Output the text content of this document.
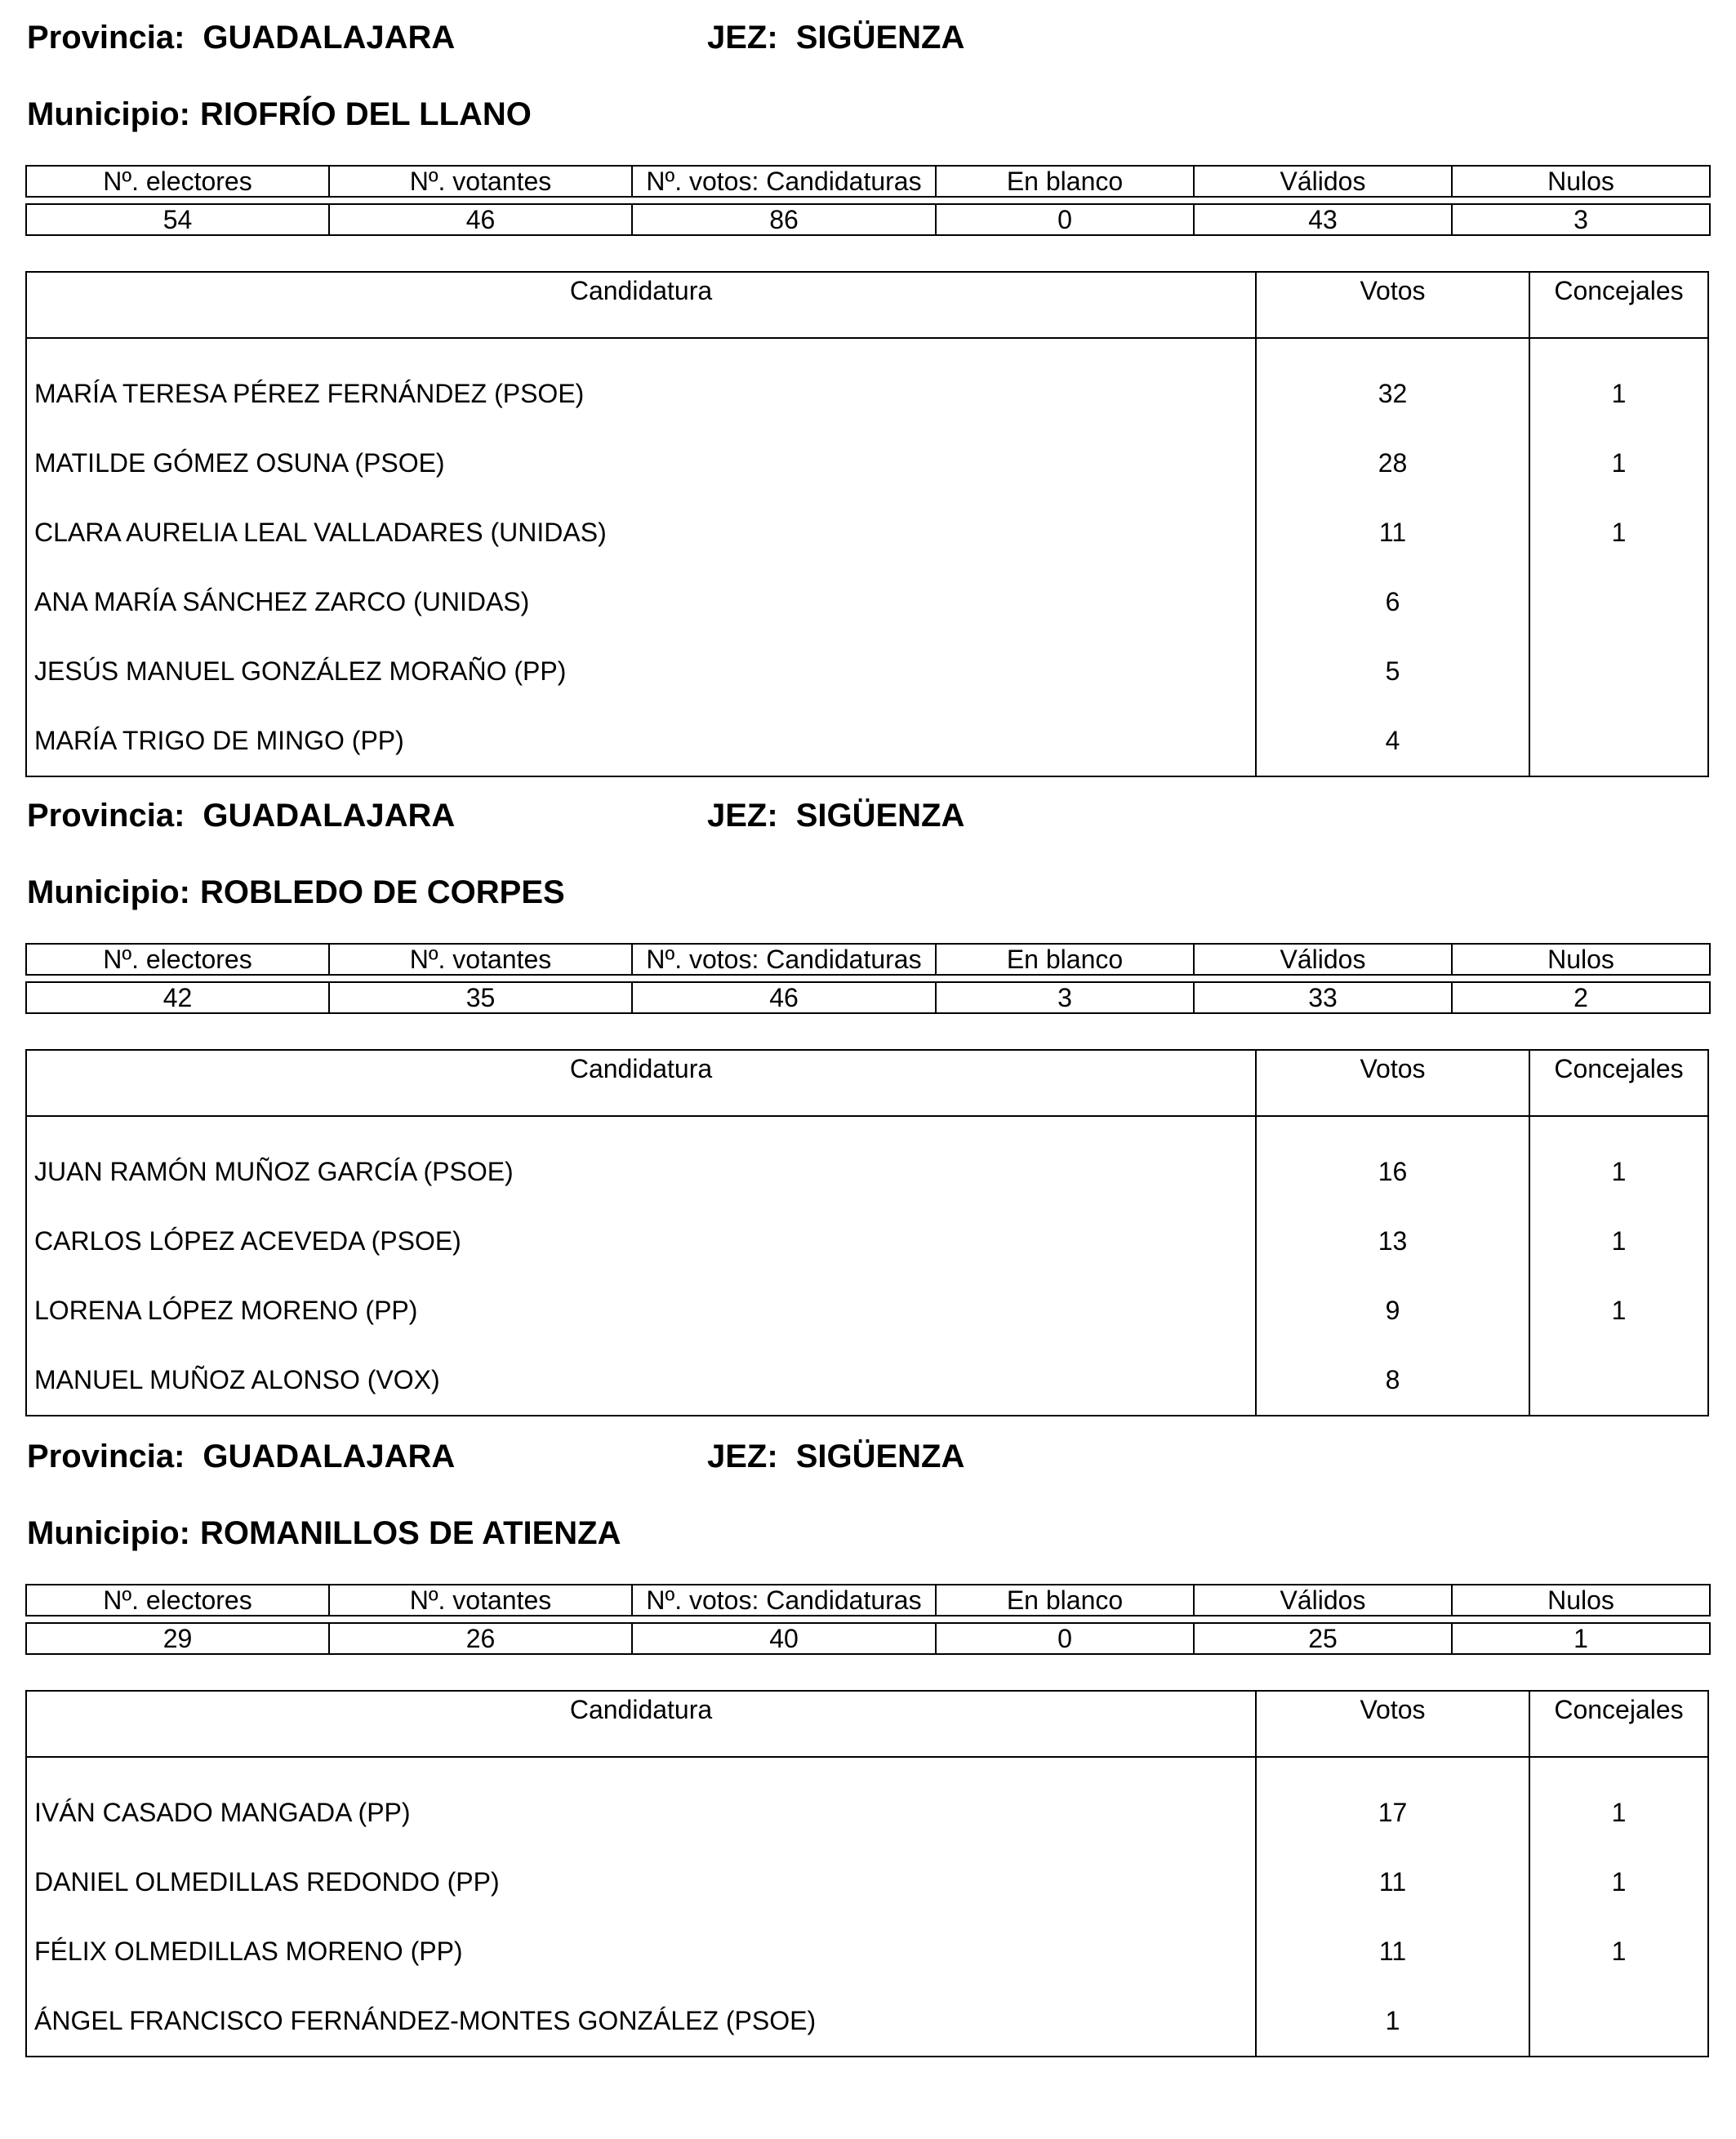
Provincia: GUADALAJARA	JEZ: SIGÜENZA
Municipio: RIOFRÍO DEL LLANO
Nº. electores	Nº. votantes	Nº. votos: Candidaturas	En blanco	Válidos	Nulos

54	46	86	0	43	3
Candidatura	Votos	Concejales
MARÍA TERESA PÉREZ FERNÁNDEZ (PSOE)	32	1
MATILDE GÓMEZ OSUNA (PSOE)	28	1
CLARA AURELIA LEAL VALLADARES (UNIDAS)	11	1
ANA MARÍA SÁNCHEZ ZARCO (UNIDAS)	6
JESÚS MANUEL GONZÁLEZ MORAÑO (PP)	5
MARÍA TRIGO DE MINGO (PP)	4
Provincia: GUADALAJARA	JEZ: SIGÜENZA
Municipio: ROBLEDO DE CORPES
Nº. electores	Nº. votantes	Nº. votos: Candidaturas	En blanco	Válidos	Nulos

42	35	46	3	33	2
Candidatura	Votos	Concejales
JUAN RAMÓN MUÑOZ GARCÍA (PSOE)	16	1
CARLOS LÓPEZ ACEVEDA (PSOE)	13	1
LORENA LÓPEZ MORENO (PP)	9	1
MANUEL MUÑOZ ALONSO (VOX)	8
Provincia: GUADALAJARA	JEZ: SIGÜENZA
Municipio: ROMANILLOS DE ATIENZA
Nº. electores	Nº. votantes	Nº. votos: Candidaturas	En blanco	Válidos	Nulos

29	26	40	0	25	1
Candidatura	Votos	Concejales
IVÁN CASADO MANGADA (PP)	17	1
DANIEL OLMEDILLAS REDONDO (PP)	11	1
FÉLIX OLMEDILLAS MORENO (PP)	11	1
ÁNGEL FRANCISCO FERNÁNDEZ-MONTES GONZÁLEZ (PSOE)	1
